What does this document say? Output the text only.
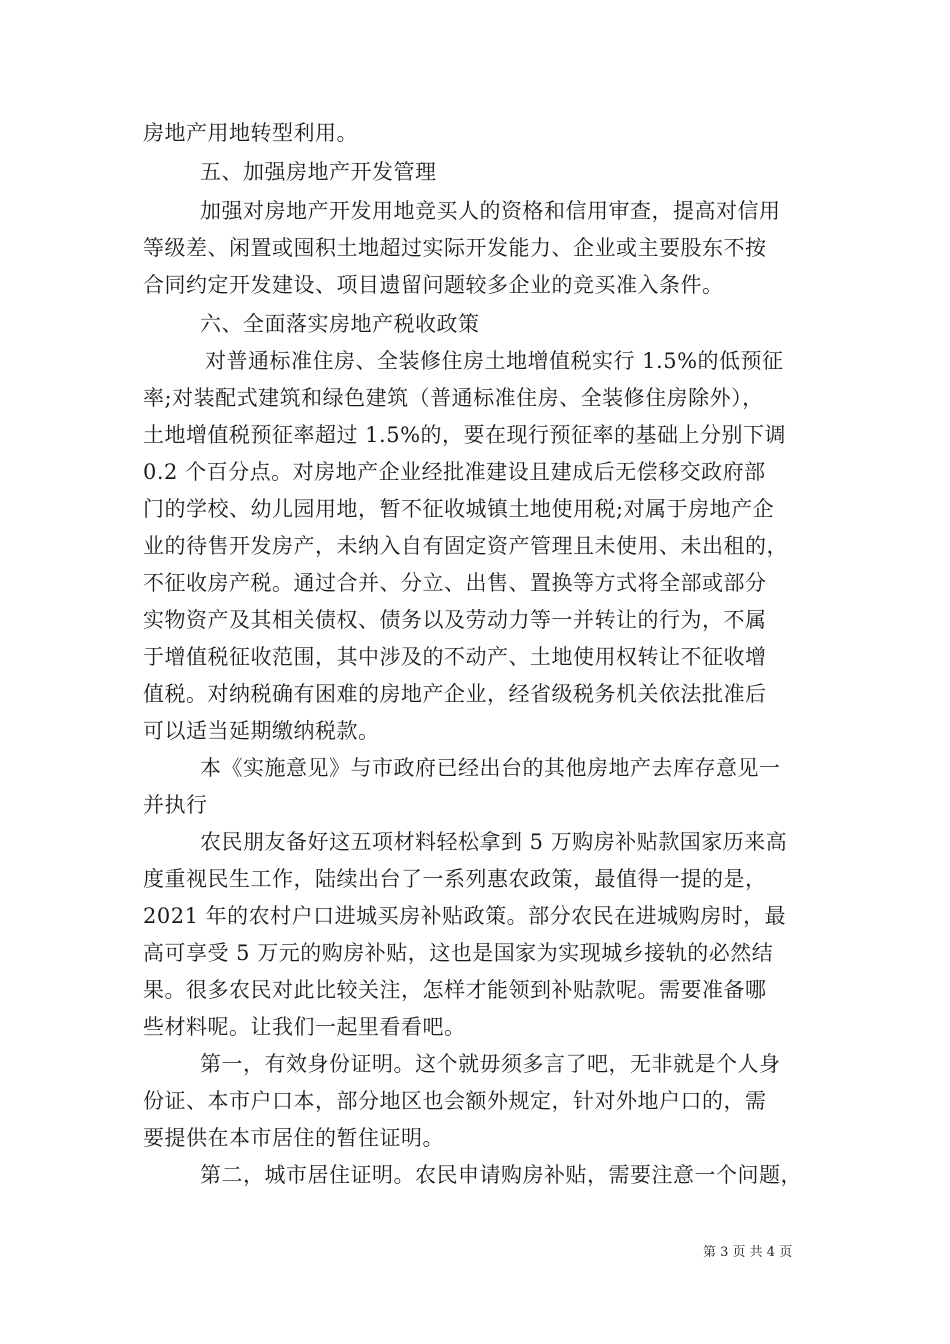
房地产用地转型利用。
五、加强房地产开发管理
加强对房地产开发用地竞买人的资格和信用审查，提高对信用
等级差、闲置或囤积土地超过实际开发能力、企业或主要股东不按
合同约定开发建设、项目遗留问题较多企业的竞买准入条件。
六、全面落实房地产税收政策
对普通标准住房、全装修住房土地增值税实行 1.5%的低预征
率;对装配式建筑和绿色建筑（普通标准住房、全装修住房除外），
土地增值税预征率超过 1.5%的，要在现行预征率的基础上分别下调
0.2 个百分点。对房地产企业经批准建设且建成后无偿移交政府部
门的学校、幼儿园用地，暂不征收城镇土地使用税;对属于房地产企
业的待售开发房产，未纳入自有固定资产管理且未使用、未出租的，
不征收房产税。通过合并、分立、出售、置换等方式将全部或部分
实物资产及其相关债权、债务以及劳动力等一并转让的行为，不属
于增值税征收范围，其中涉及的不动产、土地使用权转让不征收增
值税。对纳税确有困难的房地产企业，经省级税务机关依法批准后
可以适当延期缴纳税款。
本《实施意见》与市政府已经出台的其他房地产去库存意见一
并执行
农民朋友备好这五项材料轻松拿到 5 万购房补贴款国家历来高
度重视民生工作，陆续出台了一系列惠农政策，最值得一提的是，
2021 年的农村户口进城买房补贴政策。部分农民在进城购房时，最
高可享受 5 万元的购房补贴，这也是国家为实现城乡接轨的必然结
果。很多农民对此比较关注，怎样才能领到补贴款呢。需要准备哪
些材料呢。让我们一起里看看吧。
第一，有效身份证明。这个就毋须多言了吧，无非就是个人身
份证、本市户口本，部分地区也会额外规定，针对外地户口的，需
要提供在本市居住的暂住证明。
第二，城市居住证明。农民申请购房补贴，需要注意一个问题，
第 3 页 共 4 页
